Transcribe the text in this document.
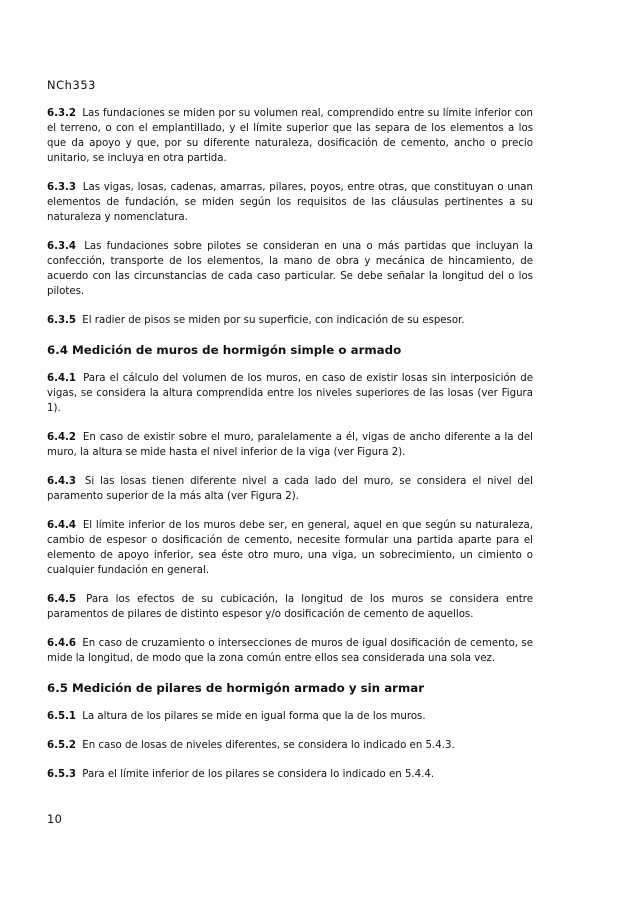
NCh353

6.3.2 Las fundaciones se miden por su volumen real, comprendido entre su límite inferior con el terreno, o con el emplantillado, y el límite superior que las separa de los elementos a los que da apoyo y que, por su diferente naturaleza, dosificación de cemento, ancho o precio unitario, se incluya en otra partida.

6.3.3 Las vigas, losas, cadenas, amarras, pilares, poyos, entre otras, que constituyan o unan elementos de fundación, se miden según los requisitos de las cláusulas pertinentes a su naturaleza y nomenclatura.

6.3.4 Las fundaciones sobre pilotes se consideran en una o más partidas que incluyan la confección, transporte de los elementos, la mano de obra y mecánica de hincamiento, de acuerdo con las circunstancias de cada caso particular. Se debe señalar la longitud del o los pilotes.

6.3.5 El radier de pisos se miden por su superficie, con indicación de su espesor.

6.4 Medición de muros de hormigón simple o armado

6.4.1 Para el cálculo del volumen de los muros, en caso de existir losas sin interposición de vigas, se considera la altura comprendida entre los niveles superiores de las losas (ver Figura 1).

6.4.2 En caso de existir sobre el muro, paralelamente a él, vigas de ancho diferente a la del muro, la altura se mide hasta el nivel inferior de la viga (ver Figura 2).

6.4.3 Si las losas tienen diferente nivel a cada lado del muro, se considera el nivel del paramento superior de la más alta (ver Figura 2).

6.4.4 El límite inferior de los muros debe ser, en general, aquel en que según su naturaleza, cambio de espesor o dosificación de cemento, necesite formular una partida aparte para el elemento de apoyo inferior, sea éste otro muro, una viga, un sobrecimiento, un cimiento o cualquier fundación en general.

6.4.5 Para los efectos de su cubicación, la longitud de los muros se considera entre paramentos de pilares de distinto espesor y/o dosificación de cemento de aquellos.

6.4.6 En caso de cruzamiento o intersecciones de muros de igual dosificación de cemento, se mide la longitud, de modo que la zona común entre ellos sea considerada una sola vez.

6.5 Medición de pilares de hormigón armado y sin armar

6.5.1 La altura de los pilares se mide en igual forma que la de los muros.

6.5.2 En caso de losas de niveles diferentes, se considera lo indicado en 5.4.3.

6.5.3 Para el límite inferior de los pilares se considera lo indicado en 5.4.4.

10
